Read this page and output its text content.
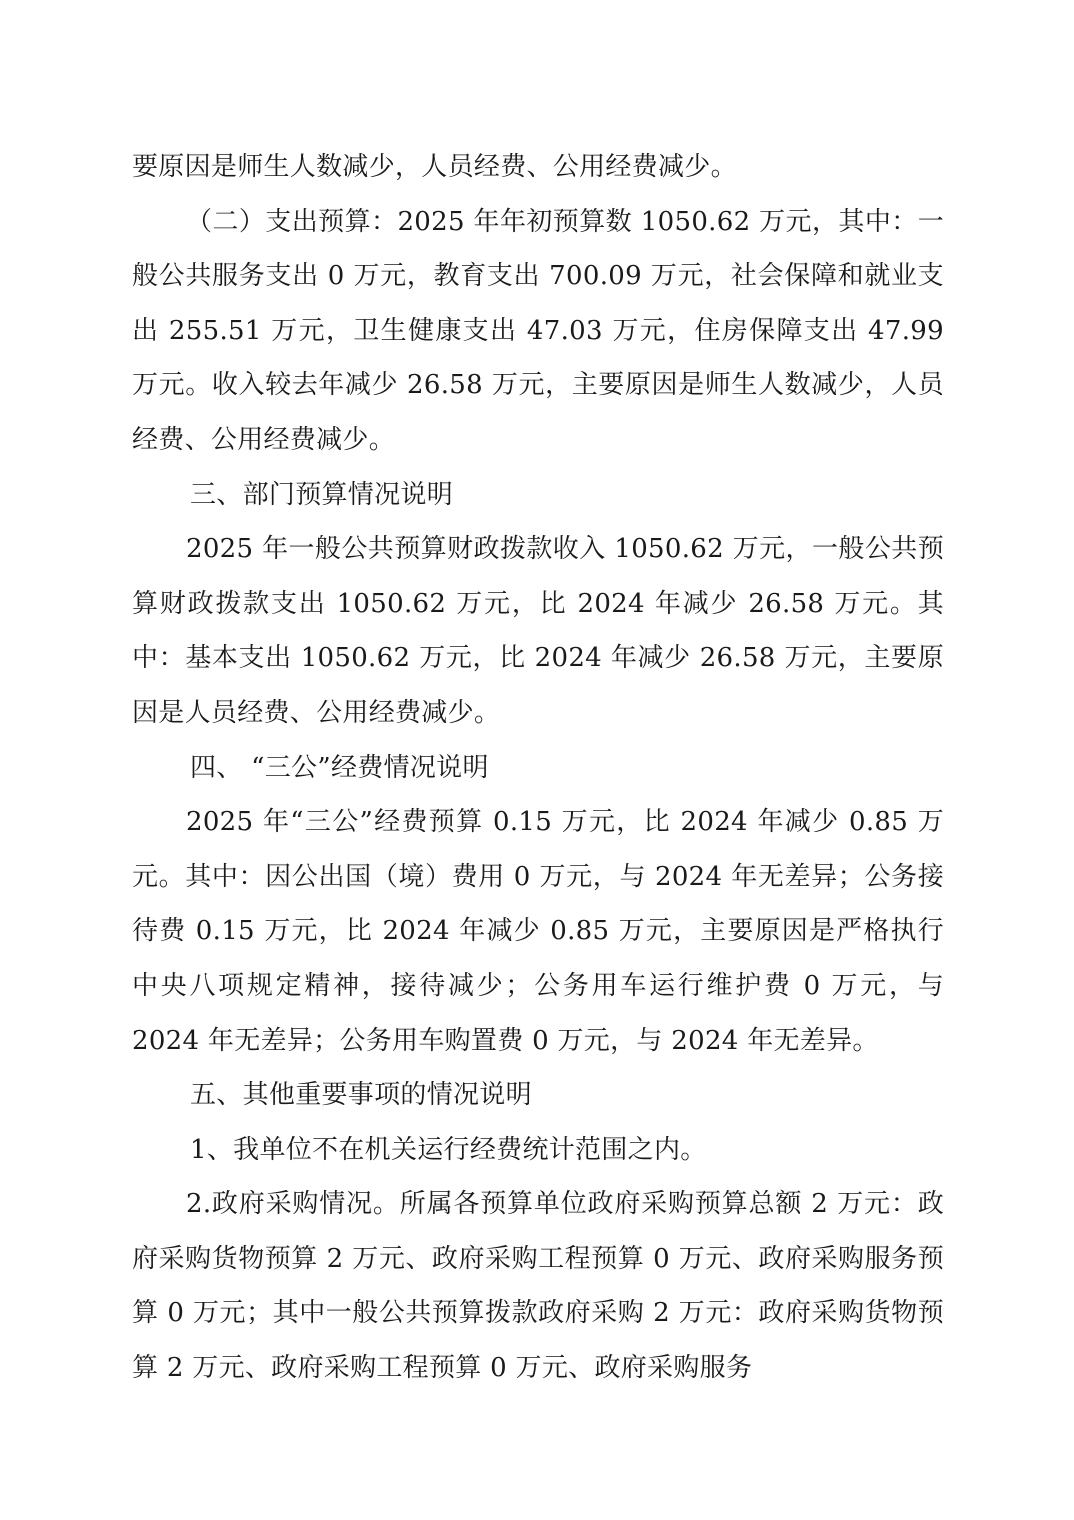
要原因是师生人数减少，人员经费、公用经费减少。

（二）支出预算：2025 年年初预算数 1050.62 万元，其中：一般公共服务支出 0 万元，教育支出 700.09 万元，社会保障和就业支出 255.51 万元，卫生健康支出 47.03 万元，住房保障支出 47.99 万元。收入较去年减少 26.58 万元，主要原因是师生人数减少，人员经费、公用经费减少。

三、部门预算情况说明

2025 年一般公共预算财政拨款收入 1050.62 万元，一般公共预算财政拨款支出 1050.62 万元，比 2024 年减少 26.58 万元。其中：基本支出 1050.62 万元，比 2024 年减少 26.58 万元，主要原因是人员经费、公用经费减少。

四、 “三公”经费情况说明

2025 年“三公”经费预算 0.15 万元，比 2024 年减少 0.85 万元。其中：因公出国（境）费用 0 万元，与 2024 年无差异；公务接待费 0.15 万元，比 2024 年减少 0.85 万元，主要原因是严格执行中央八项规定精神，接待减少；公务用车运行维护费 0 万元，与 2024 年无差异；公务用车购置费 0 万元，与 2024 年无差异。

五、其他重要事项的情况说明

1、我单位不在机关运行经费统计范围之内。

2.政府采购情况。所属各预算单位政府采购预算总额 2 万元：政府采购货物预算 2 万元、政府采购工程预算 0 万元、政府采购服务预算 0 万元；其中一般公共预算拨款政府采购 2 万元：政府采购货物预算 2 万元、政府采购工程预算 0 万元、政府采购服务
